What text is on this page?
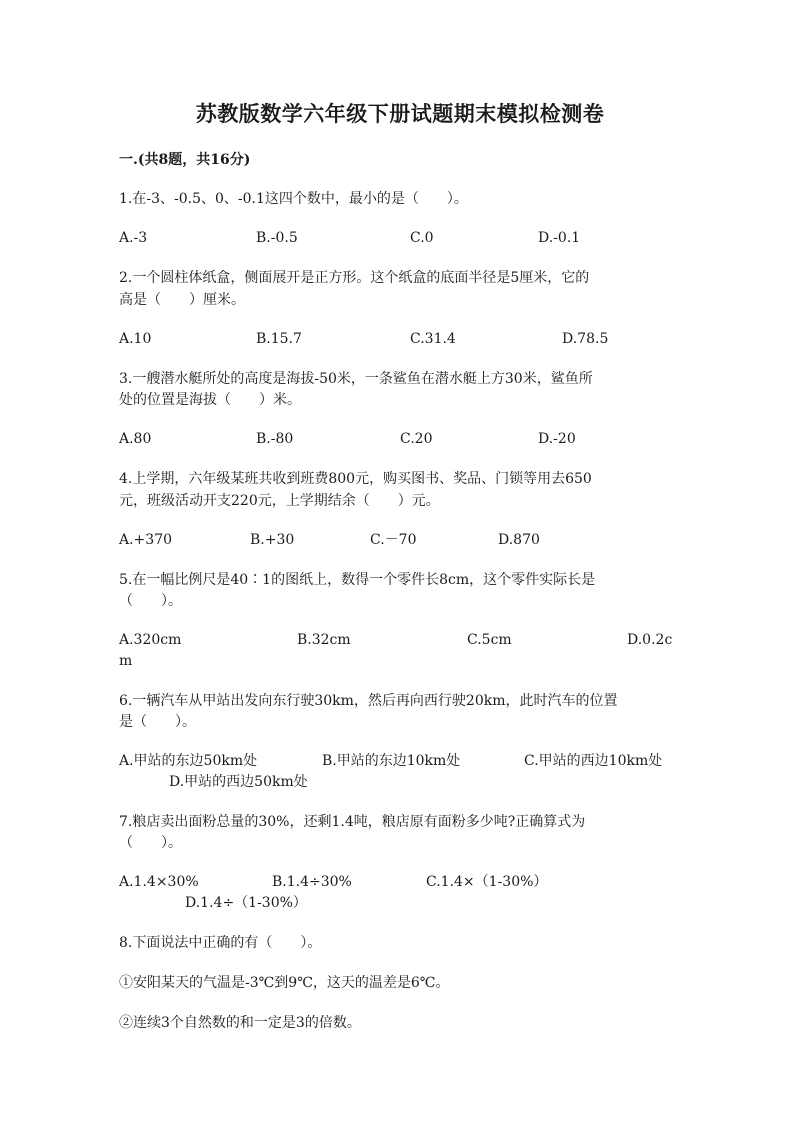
苏教版数学六年级下册试题期末模拟检测卷
一.(共8题，共16分)
1.在-3、-0.5、0、-0.1这四个数中，最小的是（　　）。
A.-3	B.-0.5	C.0	D.-0.1
2.一个圆柱体纸盒，侧面展开是正方形。这个纸盒的底面半径是5厘米，它的
高是（　　）厘米。
A.10	B.15.7	C.31.4	D.78.5
3.一艘潜水艇所处的高度是海拔-50米，一条鲨鱼在潜水艇上方30米，鲨鱼所
处的位置是海拔（　　）米。
A.80	B.-80	C.20	D.-20
4.上学期，六年级某班共收到班费800元，购买图书、奖品、门锁等用去650
元，班级活动开支220元，上学期结余（　　）元。
A.+370	B.+30	C.－70	D.870
5.在一幅比例尺是40∶1的图纸上，数得一个零件长8cm，这个零件实际长是
（　　）。
A.320cm	B.32cm	C.5cm	D.0.2c
m
6.一辆汽车从甲站出发向东行驶30km，然后再向西行驶20km，此时汽车的位置
是（　　）。
A.甲站的东边50km处	B.甲站的东边10km处	C.甲站的西边10km处
D.甲站的西边50km处
7.粮店卖出面粉总量的30%，还剩1.4吨，粮店原有面粉多少吨?正确算式为
（　　）。
A.1.4×30%	B.1.4÷30%	C.1.4×（1-30%）
D.1.4÷（1-30%）
8.下面说法中正确的有（　　）。
①安阳某天的气温是-3℃到9℃，这天的温差是6℃。
②连续3个自然数的和一定是3的倍数。
